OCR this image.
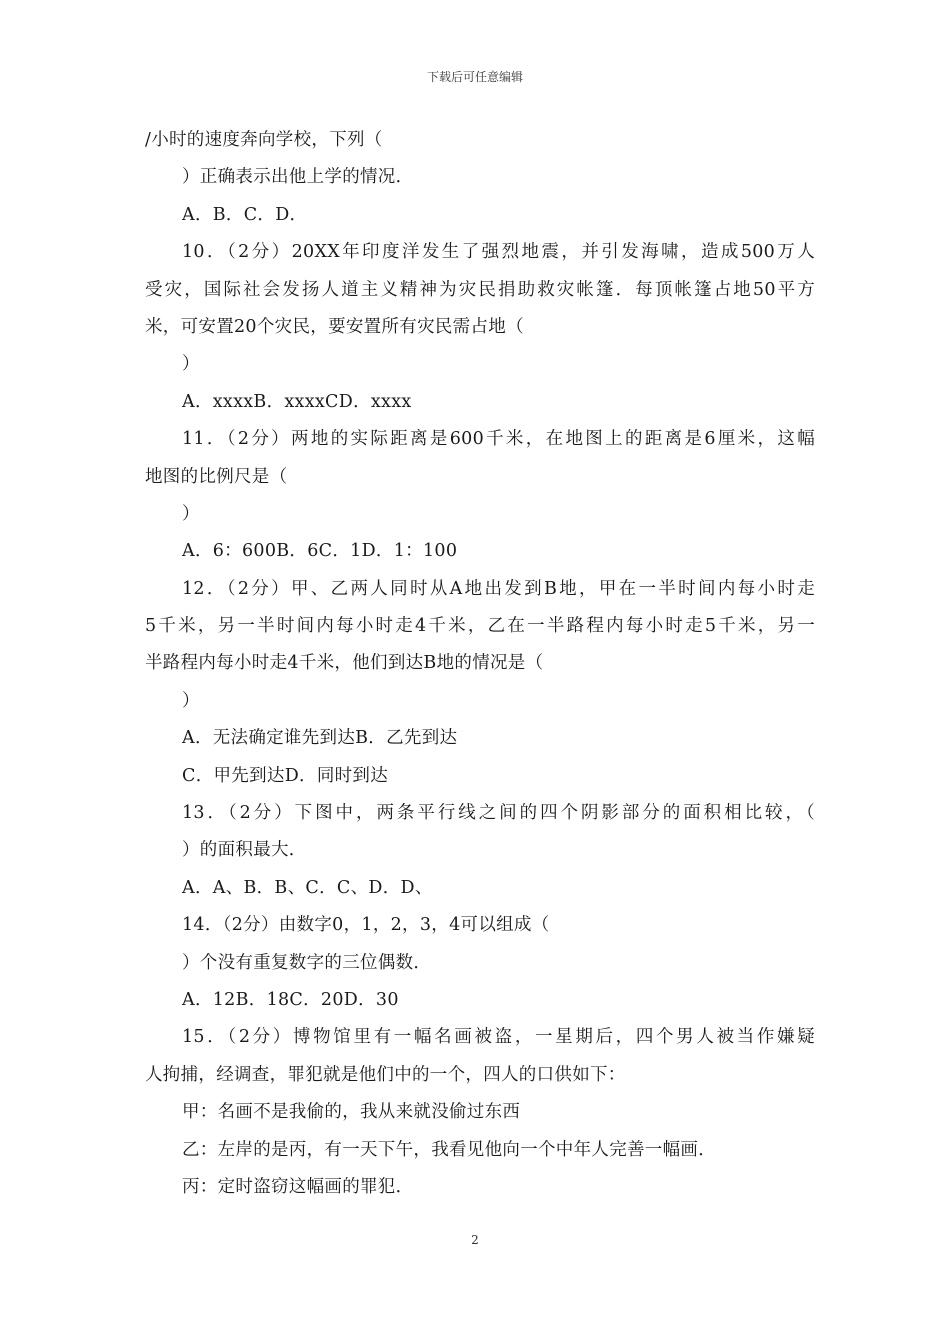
下载后可任意编辑
/小时的速度奔向学校，下列（
）正确表示出他上学的情况．
A．B．C．D．
10．（2分）20XX年印度洋发生了强烈地震，并引发海啸，造成500万人
受灾，国际社会发扬人道主义精神为灾民捐助救灾帐篷．每顶帐篷占地50平方
米，可安置20个灾民，要安置所有灾民需占地（
）
A．xxxxB．xxxxCD．xxxx
11．（2分）两地的实际距离是600千米，在地图上的距离是6厘米，这幅
地图的比例尺是（
）
A．6：600B．6C．1D．1：100
12．（2分）甲、乙两人同时从A地出发到B地，甲在一半时间内每小时走
5千米，另一半时间内每小时走4千米，乙在一半路程内每小时走5千米，另一
半路程内每小时走4千米，他们到达B地的情况是（
）
A．无法确定谁先到达B．乙先到达
C．甲先到达D．同时到达
13．（2分）下图中，两条平行线之间的四个阴影部分的面积相比较，（
）的面积最大．
A．A、B．B、C．C、D．D、
14．（2分）由数字0，1，2，3，4可以组成（
）个没有重复数字的三位偶数．
A．12B．18C．20D．30
15．（2分）博物馆里有一幅名画被盗，一星期后，四个男人被当作嫌疑
人拘捕，经调查，罪犯就是他们中的一个，四人的口供如下：
甲：名画不是我偷的，我从来就没偷过东西
乙：左岸的是丙，有一天下午，我看见他向一个中年人完善一幅画．
丙：定时盗窃这幅画的罪犯．
2
